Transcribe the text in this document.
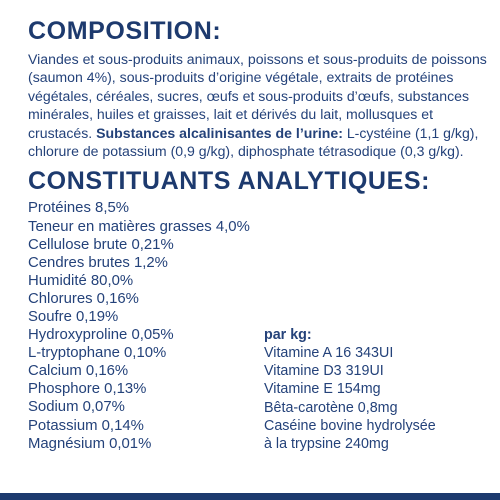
COMPOSITION:
Viandes et sous-produits animaux, poissons et sous-produits de poissons (saumon 4%), sous-produits d’origine végétale, extraits de protéines végétales, céréales, sucres, œufs et sous-produits d’œufs, substances minérales, huiles et graisses, lait et dérivés du lait, mollusques et crustacés. Substances alcalinisantes de l’urine: L-cystéine (1,1 g/kg), chlorure de potassium (0,9 g/kg), diphosphate tétrasodique (0,3 g/kg).
CONSTITUANTS ANALYTIQUES:
Protéines 8,5%
Teneur en matières grasses 4,0%
Cellulose brute 0,21%
Cendres brutes 1,2%
Humidité 80,0%
Chlorures 0,16%
Soufre 0,19%
Hydroxyproline 0,05%
L-tryptophane 0,10%
Calcium 0,16%
Phosphore 0,13%
Sodium 0,07%
Potassium 0,14%
Magnésium 0,01%
par kg:
Vitamine A 16 343UI
Vitamine D3 319UI
Vitamine E 154mg
Bêta-carotène 0,8mg
Caséine bovine hydrolysée
à la trypsine 240mg
